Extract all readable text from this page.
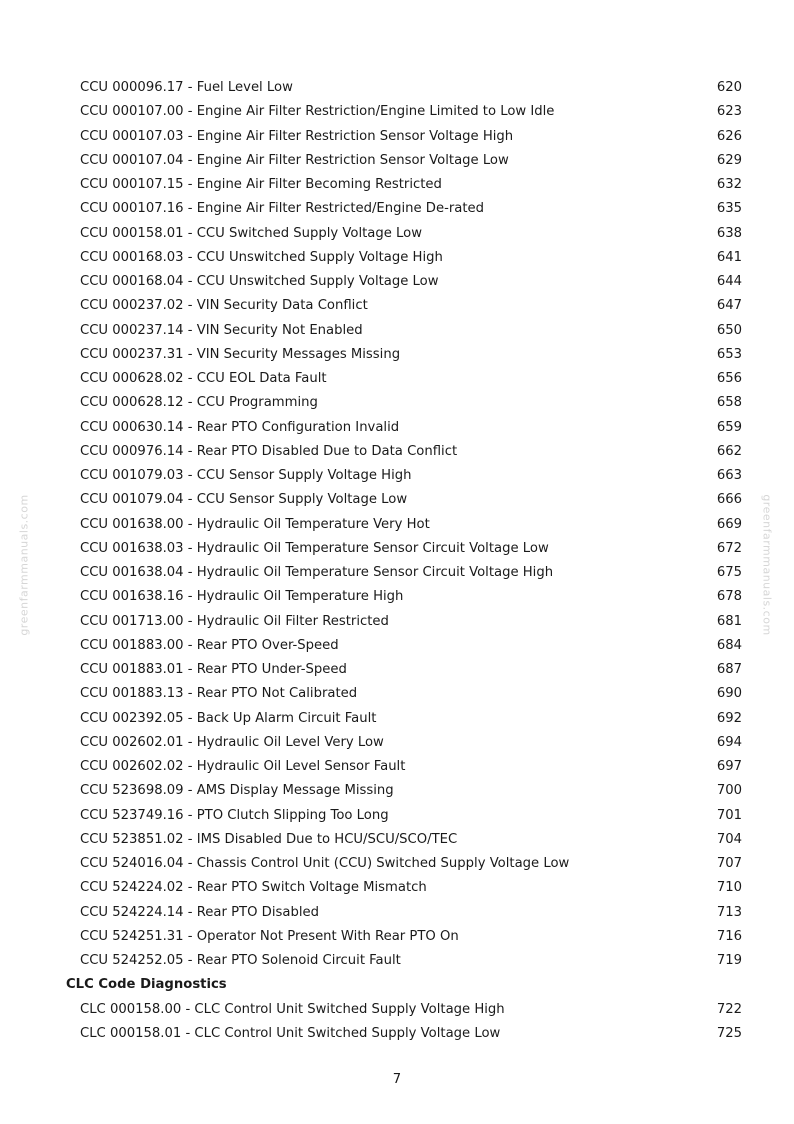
greenfarmmanuals.com	greenfarmmanuals.com
CCU 000096.17 - Fuel Level Low	620
CCU 000107.00 - Engine Air Filter Restriction/Engine Limited to Low Idle	623
CCU 000107.03 - Engine Air Filter Restriction Sensor Voltage High	626
CCU 000107.04 - Engine Air Filter Restriction Sensor Voltage Low	629
CCU 000107.15 - Engine Air Filter Becoming Restricted	632
CCU 000107.16 - Engine Air Filter Restricted/Engine De-rated	635
CCU 000158.01 - CCU Switched Supply Voltage Low	638
CCU 000168.03 - CCU Unswitched Supply Voltage High	641
CCU 000168.04 - CCU Unswitched Supply Voltage Low	644
CCU 000237.02 - VIN Security Data Conflict	647
CCU 000237.14 - VIN Security Not Enabled	650
CCU 000237.31 - VIN Security Messages Missing	653
CCU 000628.02 - CCU EOL Data Fault	656
CCU 000628.12 - CCU Programming	658
CCU 000630.14 - Rear PTO Configuration Invalid	659
CCU 000976.14 - Rear PTO Disabled Due to Data Conflict	662
CCU 001079.03 - CCU Sensor Supply Voltage High	663
CCU 001079.04 - CCU Sensor Supply Voltage Low	666
CCU 001638.00 - Hydraulic Oil Temperature Very Hot	669
CCU 001638.03 - Hydraulic Oil Temperature Sensor Circuit Voltage Low	672
CCU 001638.04 - Hydraulic Oil Temperature Sensor Circuit Voltage High	675
CCU 001638.16 - Hydraulic Oil Temperature High	678
CCU 001713.00 - Hydraulic Oil Filter Restricted	681
CCU 001883.00 - Rear PTO Over-Speed	684
CCU 001883.01 - Rear PTO Under-Speed	687
CCU 001883.13 - Rear PTO Not Calibrated	690
CCU 002392.05 - Back Up Alarm Circuit Fault	692
CCU 002602.01 - Hydraulic Oil Level Very Low	694
CCU 002602.02 - Hydraulic Oil Level Sensor Fault	697
CCU 523698.09 - AMS Display Message Missing	700
CCU 523749.16 - PTO Clutch Slipping Too Long	701
CCU 523851.02 - IMS Disabled Due to HCU/SCU/SCO/TEC	704
CCU 524016.04 - Chassis Control Unit (CCU) Switched Supply Voltage Low	707
CCU 524224.02 - Rear PTO Switch Voltage Mismatch	710
CCU 524224.14 - Rear PTO Disabled	713
CCU 524251.31 - Operator Not Present With Rear PTO On	716
CCU 524252.05 - Rear PTO Solenoid Circuit Fault	719
CLC Code Diagnostics
CLC 000158.00 - CLC Control Unit Switched Supply Voltage High	722
CLC 000158.01 - CLC Control Unit Switched Supply Voltage Low	725
7
